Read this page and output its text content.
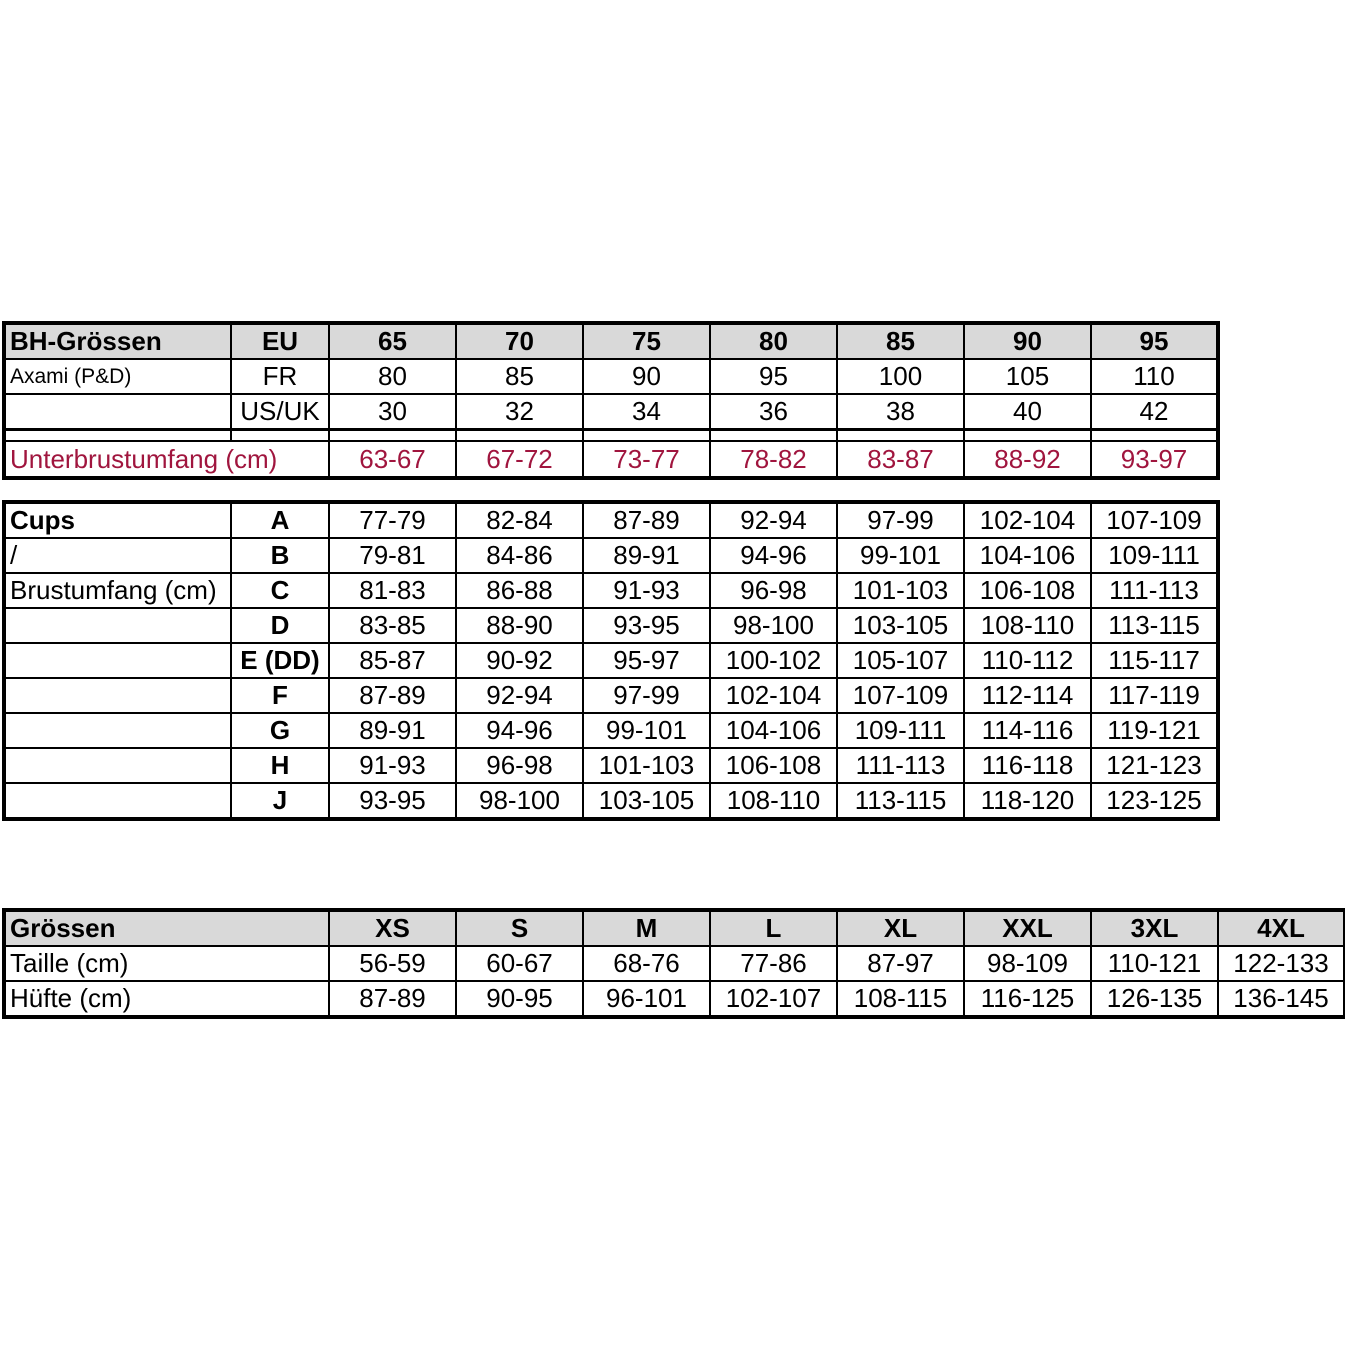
BH-Grössen	EU	65	70	75	80	85	90	95
Axami (P&D)	FR	80	85	90	95	100	105	110
	US/UK	30	32	34	36	38	40	42

Unterbrustumfang (cm)		63-67	67-72	73-77	78-82	83-87	88-92	93-97
Cups	A	77-79	82-84	87-89	92-94	97-99	102-104	107-109
/	B	79-81	84-86	89-91	94-96	99-101	104-106	109-111
Brustumfang (cm)	C	81-83	86-88	91-93	96-98	101-103	106-108	111-113
	D	83-85	88-90	93-95	98-100	103-105	108-110	113-115
	E (DD)	85-87	90-92	95-97	100-102	105-107	110-112	115-117
	F	87-89	92-94	97-99	102-104	107-109	112-114	117-119
	G	89-91	94-96	99-101	104-106	109-111	114-116	119-121
	H	91-93	96-98	101-103	106-108	111-113	116-118	121-123
	J	93-95	98-100	103-105	108-110	113-115	118-120	123-125
Grössen	XS	S	M	L	XL	XXL	3XL	4XL
Taille (cm)	56-59	60-67	68-76	77-86	87-97	98-109	110-121	122-133
Hüfte (cm)	87-89	90-95	96-101	102-107	108-115	116-125	126-135	136-145
